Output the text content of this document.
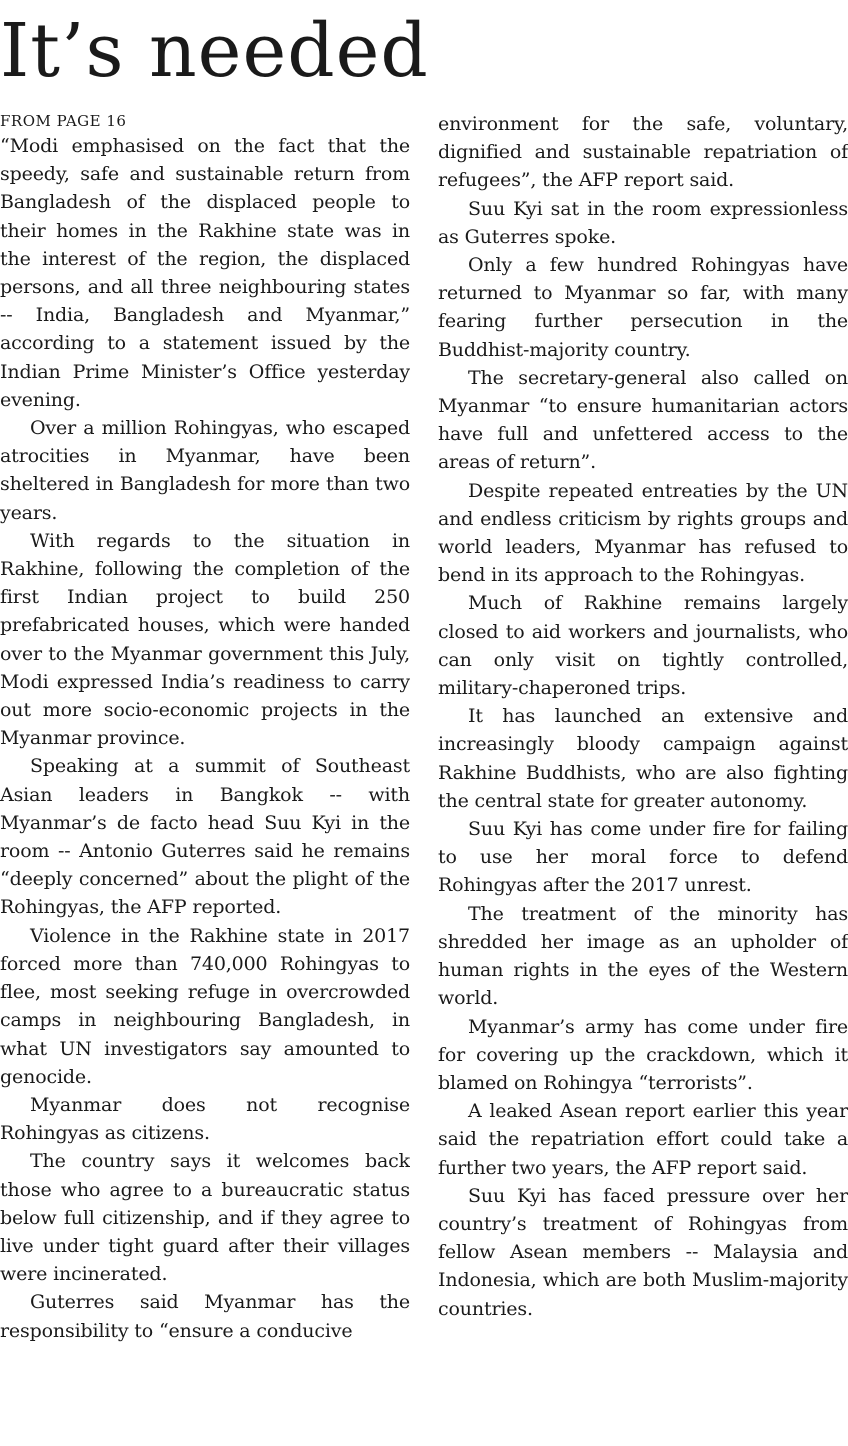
It’s needed
FROM PAGE 16

“Modi emphasised on the fact that the speedy, safe and sustainable return from Bangladesh of the displaced people to their homes in the Rakhine state was in the interest of the region, the displaced persons, and all three neighbouring states -- India, Bangladesh and Myanmar,” according to a statement issued by the Indian Prime Minister’s Office yesterday evening.

Over a million Rohingyas, who escaped atrocities in Myanmar, have been sheltered in Bangladesh for more than two years.

With regards to the situation in Rakhine, following the completion of the first Indian project to build 250 prefabricated houses, which were handed over to the Myanmar government this July, Modi expressed India’s readiness to carry out more socio-economic projects in the Myanmar province.

Speaking at a summit of Southeast Asian leaders in Bangkok -- with Myanmar’s de facto head Suu Kyi in the room -- Antonio Guterres said he remains “deeply concerned” about the plight of the Rohingyas, the AFP reported.

Violence in the Rakhine state in 2017 forced more than 740,000 Rohingyas to flee, most seeking refuge in overcrowded camps in neighbouring Bangladesh, in what UN investigators say amounted to genocide.

Myanmar does not recognise Rohingyas as citizens.

The country says it welcomes back those who agree to a bureaucratic status below full citizenship, and if they agree to live under tight guard after their villages were incinerated.

Guterres said Myanmar has the responsibility to “ensure a conducive

environment for the safe, voluntary, dignified and sustainable repatriation of refugees”, the AFP report said.

Suu Kyi sat in the room expressionless as Guterres spoke.

Only a few hundred Rohingyas have returned to Myanmar so far, with many fearing further persecution in the Buddhist-majority country.

The secretary-general also called on Myanmar “to ensure humanitarian actors have full and unfettered access to the areas of return”.

Despite repeated entreaties by the UN and endless criticism by rights groups and world leaders, Myanmar has refused to bend in its approach to the Rohingyas.

Much of Rakhine remains largely closed to aid workers and journalists, who can only visit on tightly controlled, military-chaperoned trips.

It has launched an extensive and increasingly bloody campaign against Rakhine Buddhists, who are also fighting the central state for greater autonomy.

Suu Kyi has come under fire for failing to use her moral force to defend Rohingyas after the 2017 unrest.

The treatment of the minority has shredded her image as an upholder of human rights in the eyes of the Western world.

Myanmar’s army has come under fire for covering up the crackdown, which it blamed on Rohingya “terrorists”.

A leaked Asean report earlier this year said the repatriation effort could take a further two years, the AFP report said.

Suu Kyi has faced pressure over her country’s treatment of Rohingyas from fellow Asean members -- Malaysia and Indonesia, which are both Muslim-majority countries.
